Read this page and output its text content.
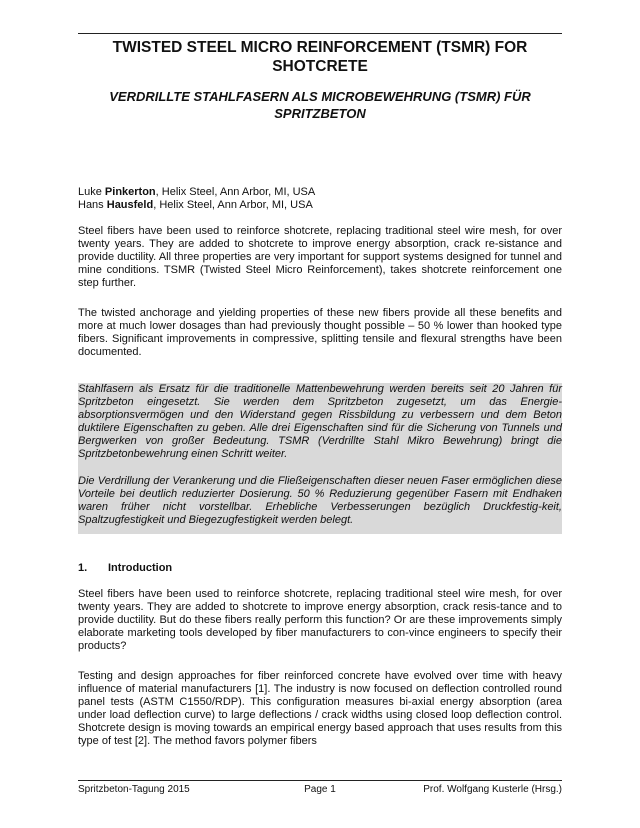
TWISTED STEEL MICRO REINFORCEMENT (TSMR) FOR SHOTCRETE
VERDRILLTE STAHLFASERN ALS MICROBEWEHRUNG (TSMR) FÜR SPRITZBETON
Luke Pinkerton, Helix Steel, Ann Arbor, MI, USA
Hans Hausfeld, Helix Steel, Ann Arbor, MI, USA

Steel fibers have been used to reinforce shotcrete, replacing traditional steel wire mesh, for over twenty years. They are added to shotcrete to improve energy absorption, crack re-sistance and provide ductility. All three properties are very important for support systems designed for tunnel and mine conditions. TSMR (Twisted Steel Micro Reinforcement), takes shotcrete reinforcement one step further.

The twisted anchorage and yielding properties of these new fibers provide all these benefits and more at much lower dosages than had previously thought possible – 50 % lower than hooked type fibers. Significant improvements in compressive, splitting tensile and flexural strengths have been documented.

Stahlfasern als Ersatz für die traditionelle Mattenbewehrung werden bereits seit 20 Jahren für Spritzbeton eingesetzt. Sie werden dem Spritzbeton zugesetzt, um das Energie-absorptionsvermögen und den Widerstand gegen Rissbildung zu verbessern und dem Beton duktilere Eigenschaften zu geben. Alle drei Eigenschaften sind für die Sicherung von Tunnels und Bergwerken von großer Bedeutung. TSMR (Verdrillte Stahl Mikro Bewehrung) bringt die Spritzbetonbewehrung einen Schritt weiter.

Die Verdrillung der Verankerung und die Fließeigenschaften dieser neuen Faser ermöglichen diese Vorteile bei deutlich reduzierter Dosierung. 50 % Reduzierung gegenüber Fasern mit Endhaken waren früher nicht vorstellbar. Erhebliche Verbesserungen bezüglich Druckfestig-keit, Spaltzugfestigkeit und Biegezugfestigkeit werden belegt.

1. Introduction

Steel fibers have been used to reinforce shotcrete, replacing traditional steel wire mesh, for over twenty years. They are added to shotcrete to improve energy absorption, crack resis-tance and to provide ductility. But do these fibers really perform this function? Or are these improvements simply elaborate marketing tools developed by fiber manufacturers to con-vince engineers to specify their products?

Testing and design approaches for fiber reinforced concrete have evolved over time with heavy influence of material manufacturers [1]. The industry is now focused on deflection controlled round panel tests (ASTM C1550/RDP). This configuration measures bi-axial energy absorption (area under load deflection curve) to large deflections / crack widths using closed loop deflection control. Shotcrete design is moving towards an empirical energy based approach that uses results from this type of test [2]. The method favors polymer fibers

Spritzbeton-Tagung 2015	Page 1	Prof. Wolfgang Kusterle (Hrsg.)
